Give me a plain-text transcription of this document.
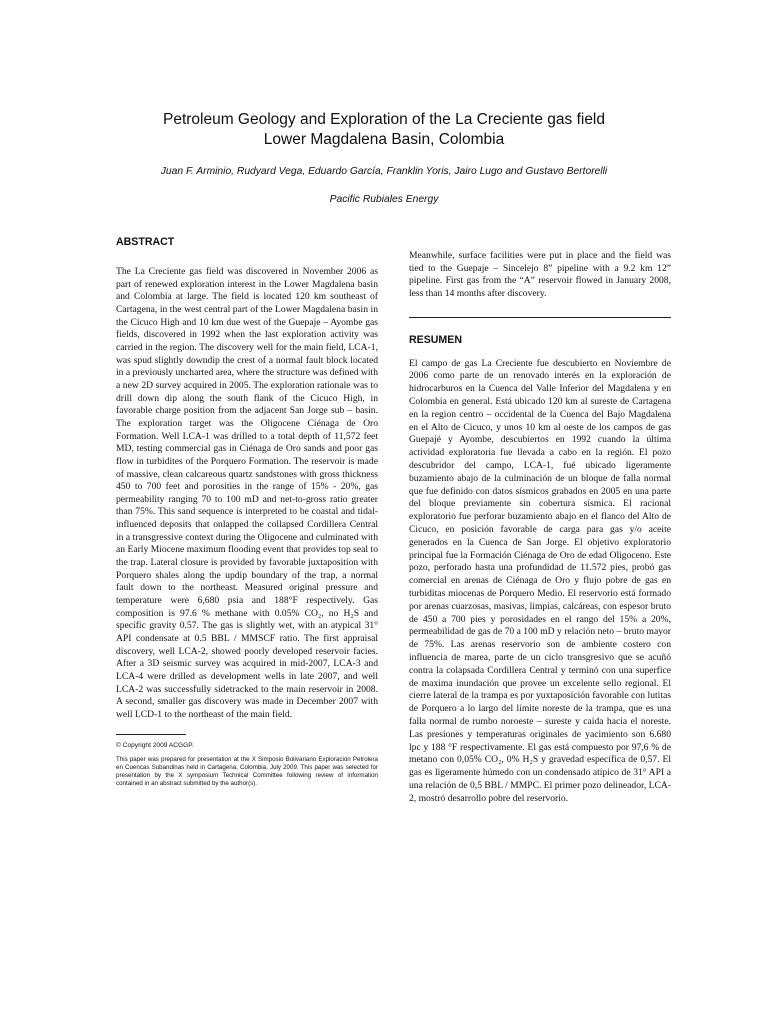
Petroleum Geology and Exploration of the La Creciente gas field
Lower Magdalena Basin, Colombia
Juan F. Arminio, Rudyard Vega, Eduardo García, Franklin Yoris, Jairo Lugo and Gustavo Bertorelli
Pacific Rubiales Energy
ABSTRACT

The La Creciente gas field was discovered in November 2006 as part of renewed exploration interest in the Lower Magdalena basin and Colombia at large. The field is located 120 km southeast of Cartagena, in the west central part of the Lower Magdalena basin in the Cicuco High and 10 km due west of the Guepaje – Ayombe gas fields, discovered in 1992 when the last exploration activity was carried in the region. The discovery well for the main field, LCA-1, was spud slightly downdip the crest of a normal fault block located in a previously uncharted area, where the structure was defined with a new 2D survey acquired in 2005. The exploration rationale was to drill down dip along the south flank of the Cicuco High, in favorable charge position from the adjacent San Jorge sub – basin. The exploration target was the Oligocene Ciénaga de Oro Formation. Well LCA-1 was drilled to a total depth of 11,572 feet MD, testing commercial gas in Ciénaga de Oro sands and poor gas flow in turbidites of the Porquero Formation. The reservoir is made of massive, clean calcareous quartz sandstones with gross thickness 450 to 700 feet and porosities in the range of 15% - 20%, gas permeability ranging 70 to 100 mD and net-to-gross ratio greater than 75%. This sand sequence is interpreted to be coastal and tidal-influenced deposits that onlapped the collapsed Cordillera Central in a transgressive context during the Oligocene and culminated with an Early Miocene maximum flooding event that provides top seal to the trap. Lateral closure is provided by favorable juxtaposition with Porquero shales along the updip boundary of the trap, a normal fault down to the northeast. Measured original pressure and temperature were 6,680 psia and 188°F respectively. Gas composition is 97.6 % methane with 0.05% CO₂, no H₂S and specific gravity 0.57. The gas is slightly wet, with an atypical 31° API condensate at 0.5 BBL / MMSCF ratio. The first appraisal discovery, well LCA-2, showed poorly developed reservoir facies. After a 3D seismic survey was acquired in mid-2007, LCA-3 and LCA-4 were drilled as development wells in late 2007, and well LCA-2 was successfully sidetracked to the main reservoir in 2008. A second, smaller gas discovery was made in December 2007 with well LCD-1 to the northeast of the main field.

© Copyright 2009 ACGGP.

This paper was prepared for presentation at the X Simposio Bolivariano Exploración Petrolera en Cuencas Subandinas held in Cartagena, Colombia, July 2009. This paper was selected for presentation by the X symposium Technical Committee following review of information contained in an abstract submitted by the author(s).

Meanwhile, surface facilities were put in place and the field was tied to the Guepaje – Sincelejo 8” pipeline with a 9.2 km 12” pipeline. First gas from the “A” reservoir flowed in January 2008, less than 14 months after discovery.

RESUMEN

El campo de gas La Creciente fue descubierto en Noviembre de 2006 como parte de un renovado interés en la exploración de hidrocarburos en la Cuenca del Valle Inferior del Magdalena y en Colombia en general. Está ubicado 120 km al sureste de Cartagena en la region centro – occidental de la Cuenca del Bajo Magdalena en el Alto de Cicuco, y unos 10 km al oeste de los campos de gas Guepajé y Ayombe, descubiertos en 1992 cuando la última actividad exploratoria fue llevada a cabo en la región. El pozo descubridor del campo, LCA-1, fué ubicado ligeramente buzamiento abajo de la culminación de un bloque de falla normal que fue definido con datos sísmicos grabados en 2005 en una parte del bloque previamente sin cobertura sísmica. El racional exploratorio fue perforar buzamiento abajo en el flanco del Alto de Cicuco, en posición favorable de carga para gas y/o aceite generados en la Cuenca de San Jorge. El objetivo exploratorio principal fue la Formación Ciénaga de Oro de edad Oligoceno. Este pozo, perforado hasta una profundidad de 11.572 pies, probó gas comercial en arenas de Ciénaga de Oro y flujo pobre de gas en turbiditas miocenas de Porquero Medio. El reservorio está formado por arenas cuarzosas, masivas, limpias, calcáreas, con espesor bruto de 450 a 700 pies y porosidades en el rango del 15% a 20%, permeabilidad de gas de 70 a 100 mD y relación neto – bruto mayor de 75%. Las arenas reservorio son de ambiente costero con influencia de marea, parte de un ciclo transgresivo que se acuñó contra la colapsada Cordillera Central y terminó con una superfice de maxima inundación que provee un excelente sello regional. El cierre lateral de la trampa es por yuxtaposición favorable con lutitas de Porquero a lo largo del límite noreste de la trampa, que es una falla normal de rumbo noroeste – sureste y caída hacia el noreste. Las presiones y temperaturas originales de yacimiento son 6.680 lpc y 188 °F respectivamente. El gas está compuesto por 97,6 % de metano con 0,05% CO₂, 0% H₂S y gravedad específica de 0,57. El gas es ligeramente húmedo con un condensado atípico de 31° API a una relación de 0,5 BBL / MMPC. El primer pozo delineador, LCA-2, mostró desarrollo pobre del reservorio.
